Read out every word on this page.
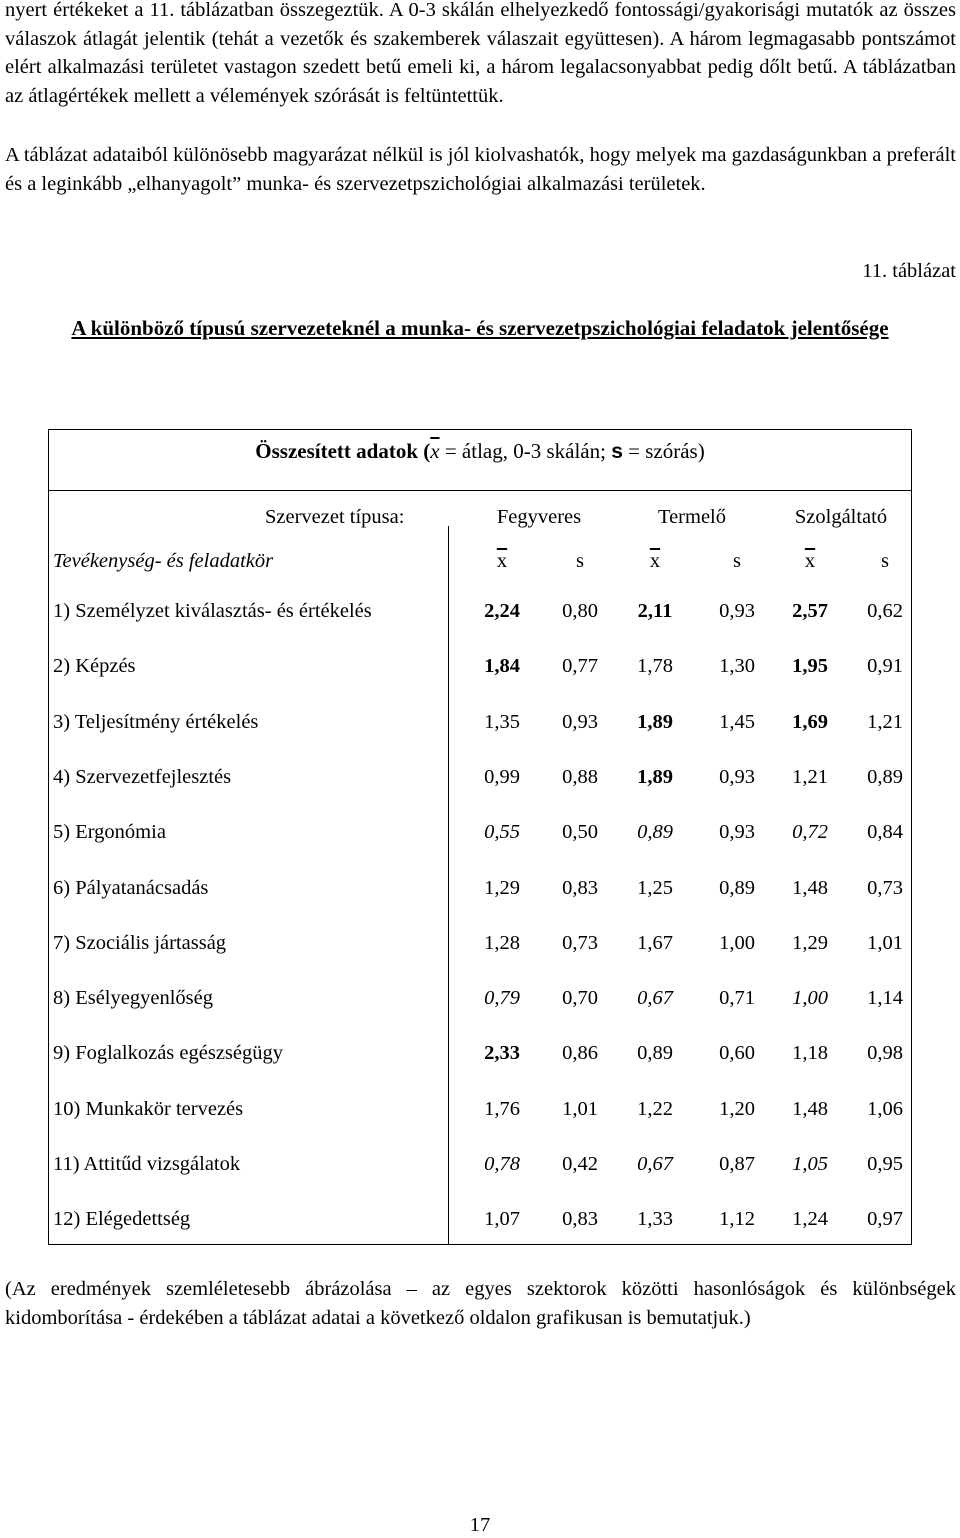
nyert értékeket a 11. táblázatban összegeztük. A 0-3 skálán elhelyezkedő fontossági/gyakorisági mutatók az összes válaszok átlagát jelentik (tehát a vezetők és szakemberek válaszait együttesen). A három legmagasabb pontszámot elért alkalmazási területet vastagon szedett betű emeli ki, a három legalacsonyabbat pedig dőlt betű. A táblázatban az átlagértékek mellett a vélemények szórását is feltüntettük.
A táblázat adataiból különösebb magyarázat nélkül is jól kiolvashatók, hogy melyek ma gazdaságunkban a preferált és a leginkább „elhanyagolt” munka- és szervezetpszichológiai alkalmazási területek.
11. táblázat
A különböző típusú szervezeteknél a munka- és szervezetpszichológiai feladatok jelentősége
Összesített adatok ($\overline{x}$ = átlag, 0-3 skálán; s = szórás)
Szervezet típusa:	Fegyveres	Termelő	Szolgáltató
Tevékenység- és feladatkör	$\overline{x}$	s	$\overline{x}$	s	$\overline{x}$	s
1) Személyzet kiválasztás- és értékelés	2,24	0,80	2,11	0,93	2,57	0,62
2) Képzés	1,84	0,77	1,78	1,30	1,95	0,91
3) Teljesítmény értékelés	1,35	0,93	1,89	1,45	1,69	1,21
4) Szervezetfejlesztés	0,99	0,88	1,89	0,93	1,21	0,89
5) Ergonómia	0,55	0,50	0,89	0,93	0,72	0,84
6) Pályatanácsadás	1,29	0,83	1,25	0,89	1,48	0,73
7) Szociális jártasság	1,28	0,73	1,67	1,00	1,29	1,01
8) Esélyegyenlőség	0,79	0,70	0,67	0,71	1,00	1,14
9) Foglalkozás egészségügy	2,33	0,86	0,89	0,60	1,18	0,98
10) Munkakör tervezés	1,76	1,01	1,22	1,20	1,48	1,06
11) Attitűd vizsgálatok	0,78	0,42	0,67	0,87	1,05	0,95
12) Elégedettség	1,07	0,83	1,33	1,12	1,24	0,97
(Az eredmények szemléletesebb ábrázolása – az egyes szektorok közötti hasonlóságok és különbségek kidomborítása - érdekében a táblázat adatai a következő oldalon grafikusan is bemutatjuk.)
17
